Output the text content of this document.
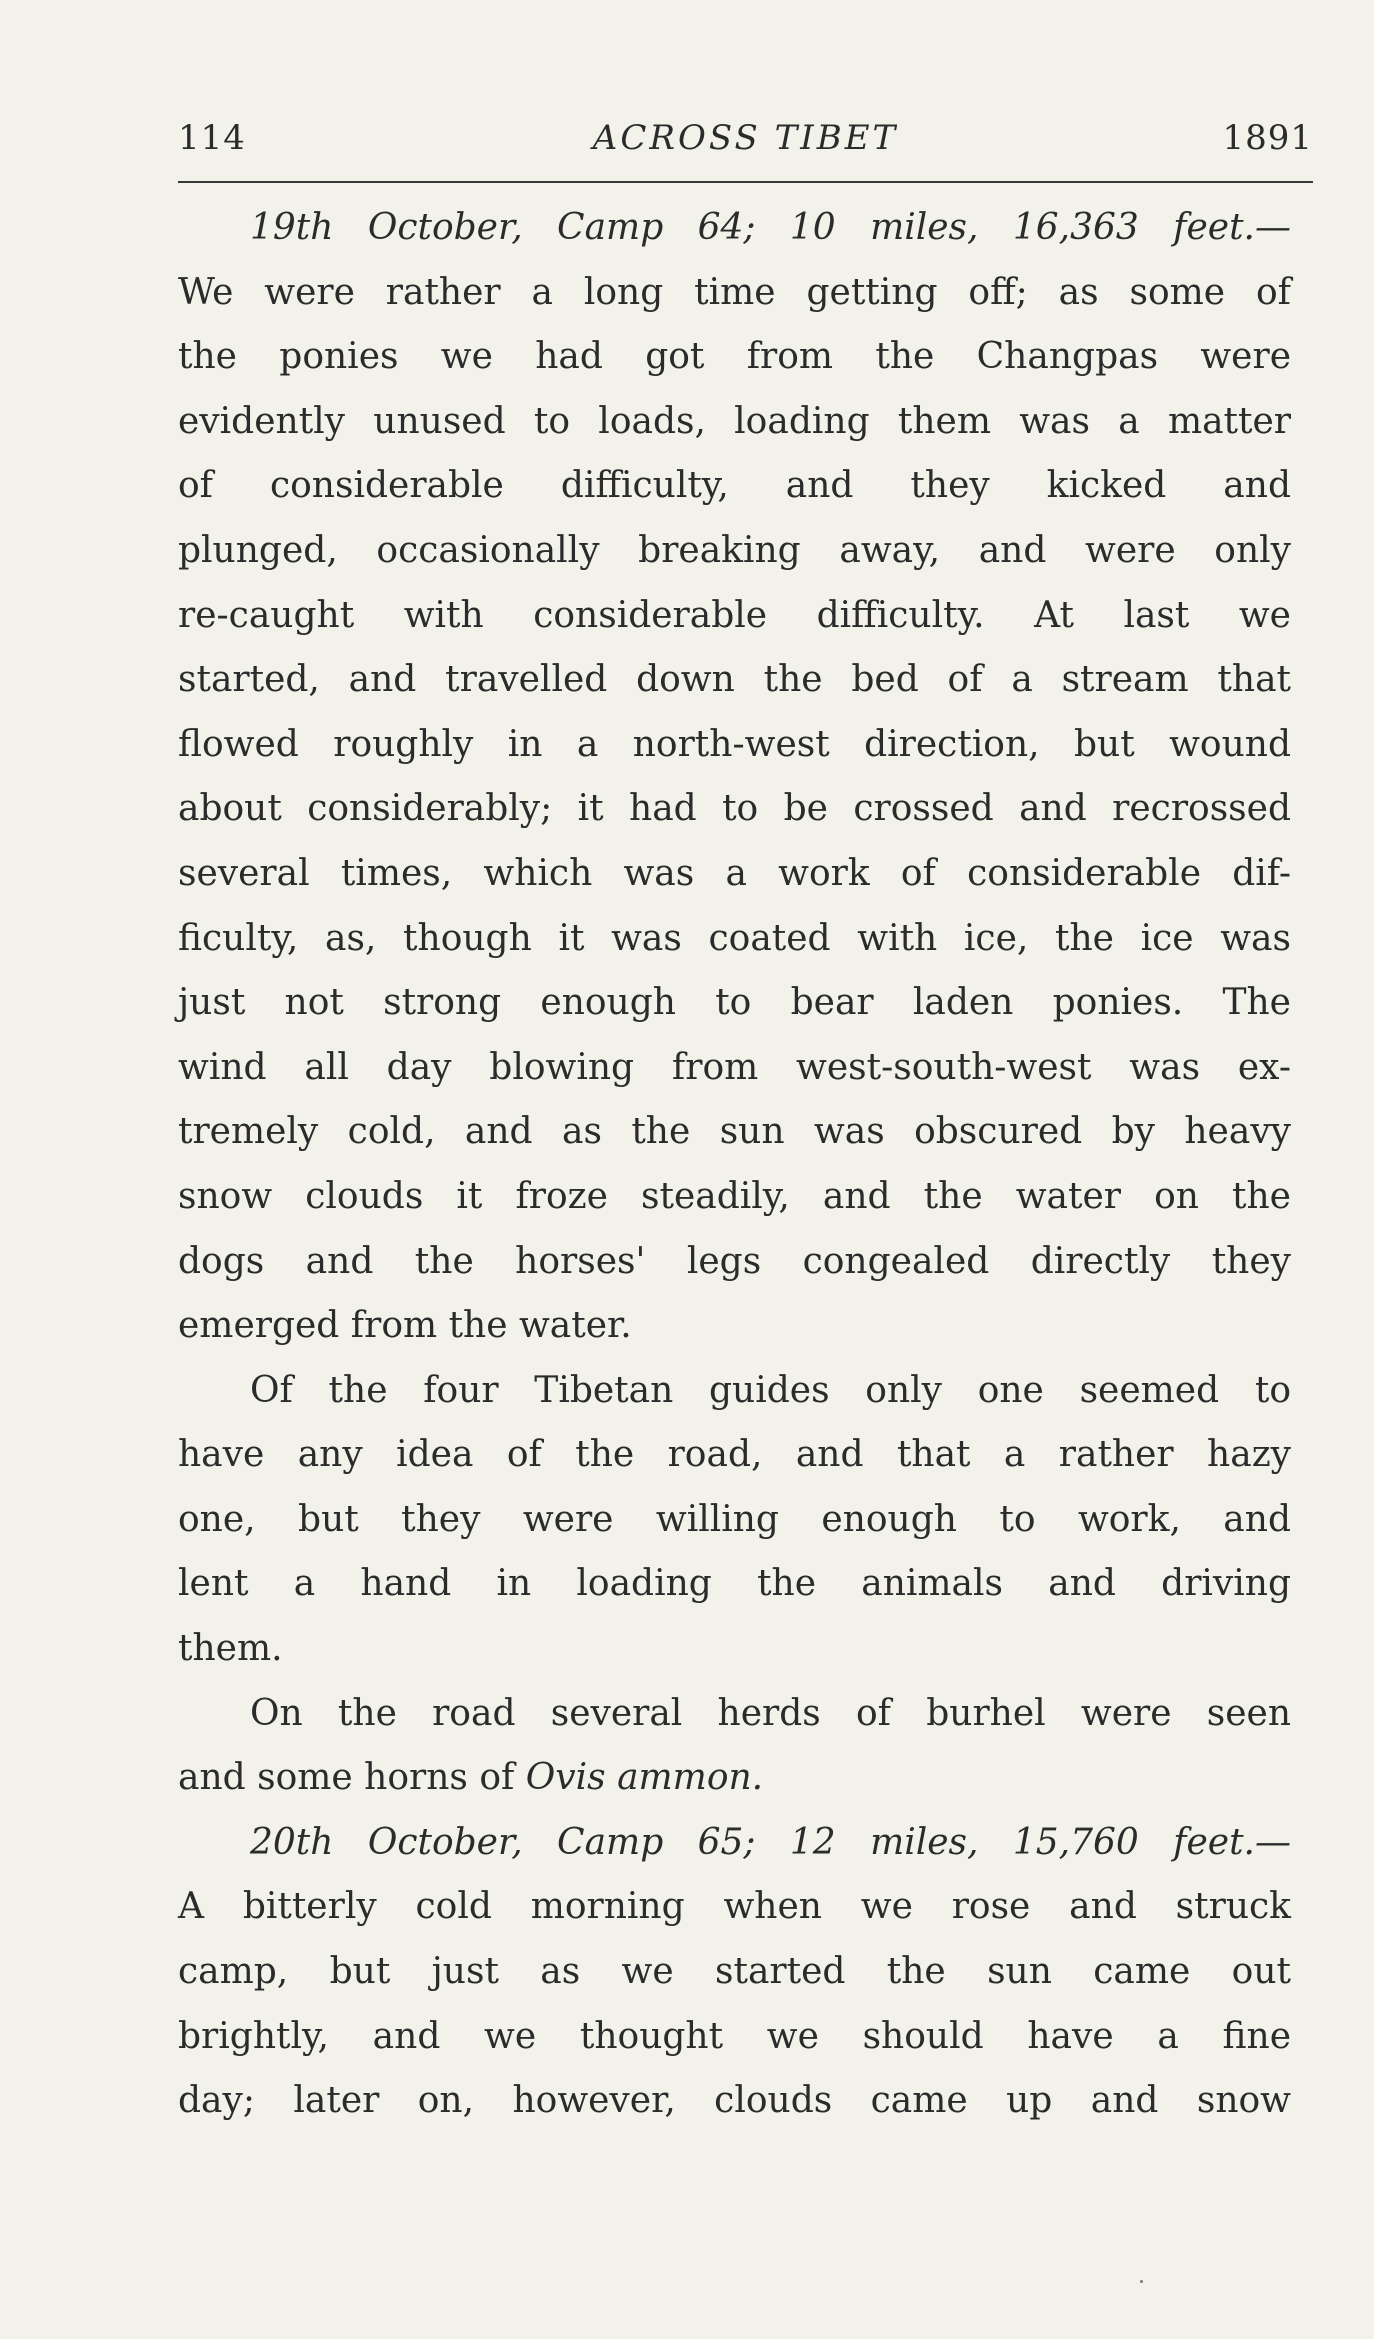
114	ACROSS TIBET	1891
19th October, Camp 64; 10 miles, 16,363 feet.—
We were rather a long time getting off; as some of
the ponies we had got from the Changpas were
evidently unused to loads, loading them was a matter
of considerable difficulty, and they kicked and
plunged, occasionally breaking away, and were only
re-caught with considerable difficulty. At last we
started, and travelled down the bed of a stream that
flowed roughly in a north-west direction, but wound
about considerably; it had to be crossed and recrossed
several times, which was a work of considerable dif-
ficulty, as, though it was coated with ice, the ice was
just not strong enough to bear laden ponies. The
wind all day blowing from west-south-west was ex-
tremely cold, and as the sun was obscured by heavy
snow clouds it froze steadily, and the water on the
dogs and the horses' legs congealed directly they
emerged from the water.
Of the four Tibetan guides only one seemed to
have any idea of the road, and that a rather hazy
one, but they were willing enough to work, and
lent a hand in loading the animals and driving
them.
On the road several herds of burhel were seen
and some horns of Ovis ammon.
20th October, Camp 65; 12 miles, 15,760 feet.—
A bitterly cold morning when we rose and struck
camp, but just as we started the sun came out
brightly, and we thought we should have a fine
day; later on, however, clouds came up and snow
